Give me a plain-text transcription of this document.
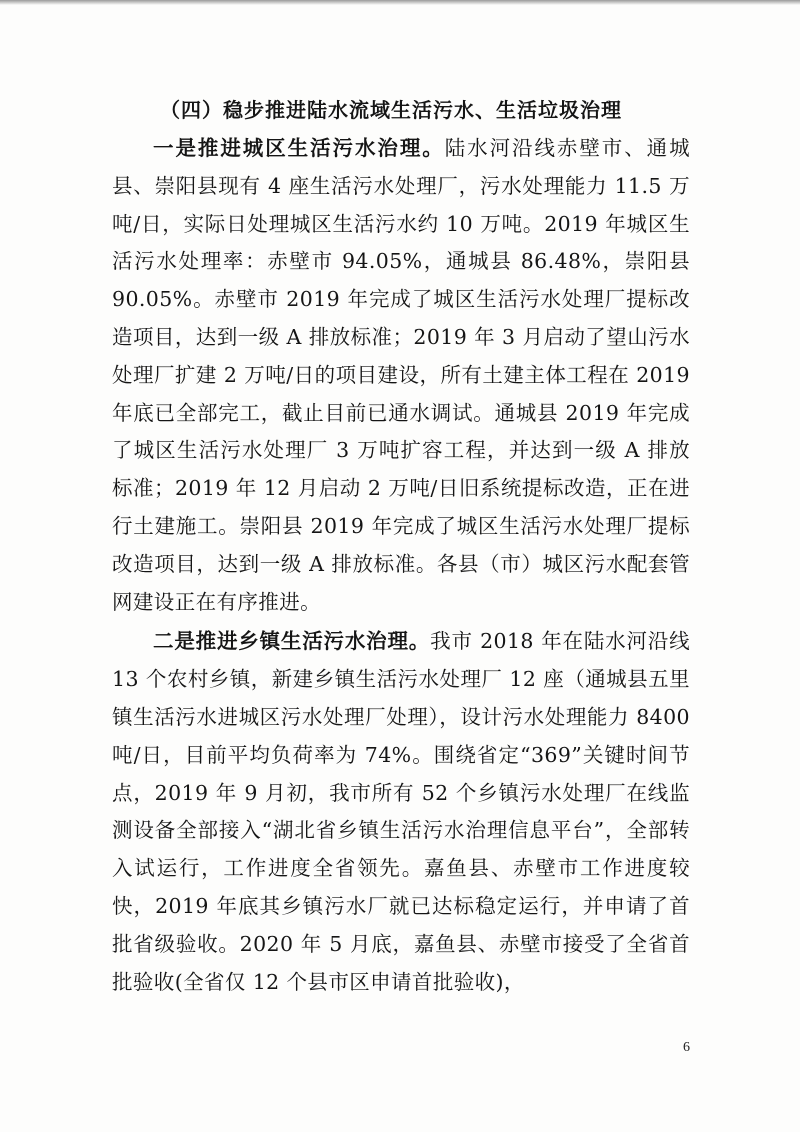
（四）稳步推进陆水流域生活污水、生活垃圾治理

一是推进城区生活污水治理。陆水河沿线赤壁市、通城县、崇阳县现有 4 座生活污水处理厂，污水处理能力 11.5 万吨/日，实际日处理城区生活污水约 10 万吨。2019 年城区生活污水处理率：赤壁市 94.05%，通城县 86.48%，崇阳县 90.05%。赤壁市 2019 年完成了城区生活污水处理厂提标改造项目，达到一级 A 排放标准；2019 年 3 月启动了望山污水处理厂扩建 2 万吨/日的项目建设，所有土建主体工程在 2019 年底已全部完工，截止目前已通水调试。通城县 2019 年完成了城区生活污水处理厂 3 万吨扩容工程，并达到一级 A 排放标准；2019 年 12 月启动 2 万吨/日旧系统提标改造，正在进行土建施工。崇阳县 2019 年完成了城区生活污水处理厂提标改造项目，达到一级 A 排放标准。各县（市）城区污水配套管网建设正在有序推进。

二是推进乡镇生活污水治理。我市 2018 年在陆水河沿线 13 个农村乡镇，新建乡镇生活污水处理厂 12 座（通城县五里镇生活污水进城区污水处理厂处理），设计污水处理能力 8400 吨/日，目前平均负荷率为 74%。围绕省定“369”关键时间节点，2019 年 9 月初，我市所有 52 个乡镇污水处理厂在线监测设备全部接入“湖北省乡镇生活污水治理信息平台”，全部转入试运行，工作进度全省领先。嘉鱼县、赤壁市工作进度较快，2019 年底其乡镇污水厂就已达标稳定运行，并申请了首批省级验收。2020 年 5 月底，嘉鱼县、赤壁市接受了全省首批验收(全省仅 12 个县市区申请首批验收)，

6
